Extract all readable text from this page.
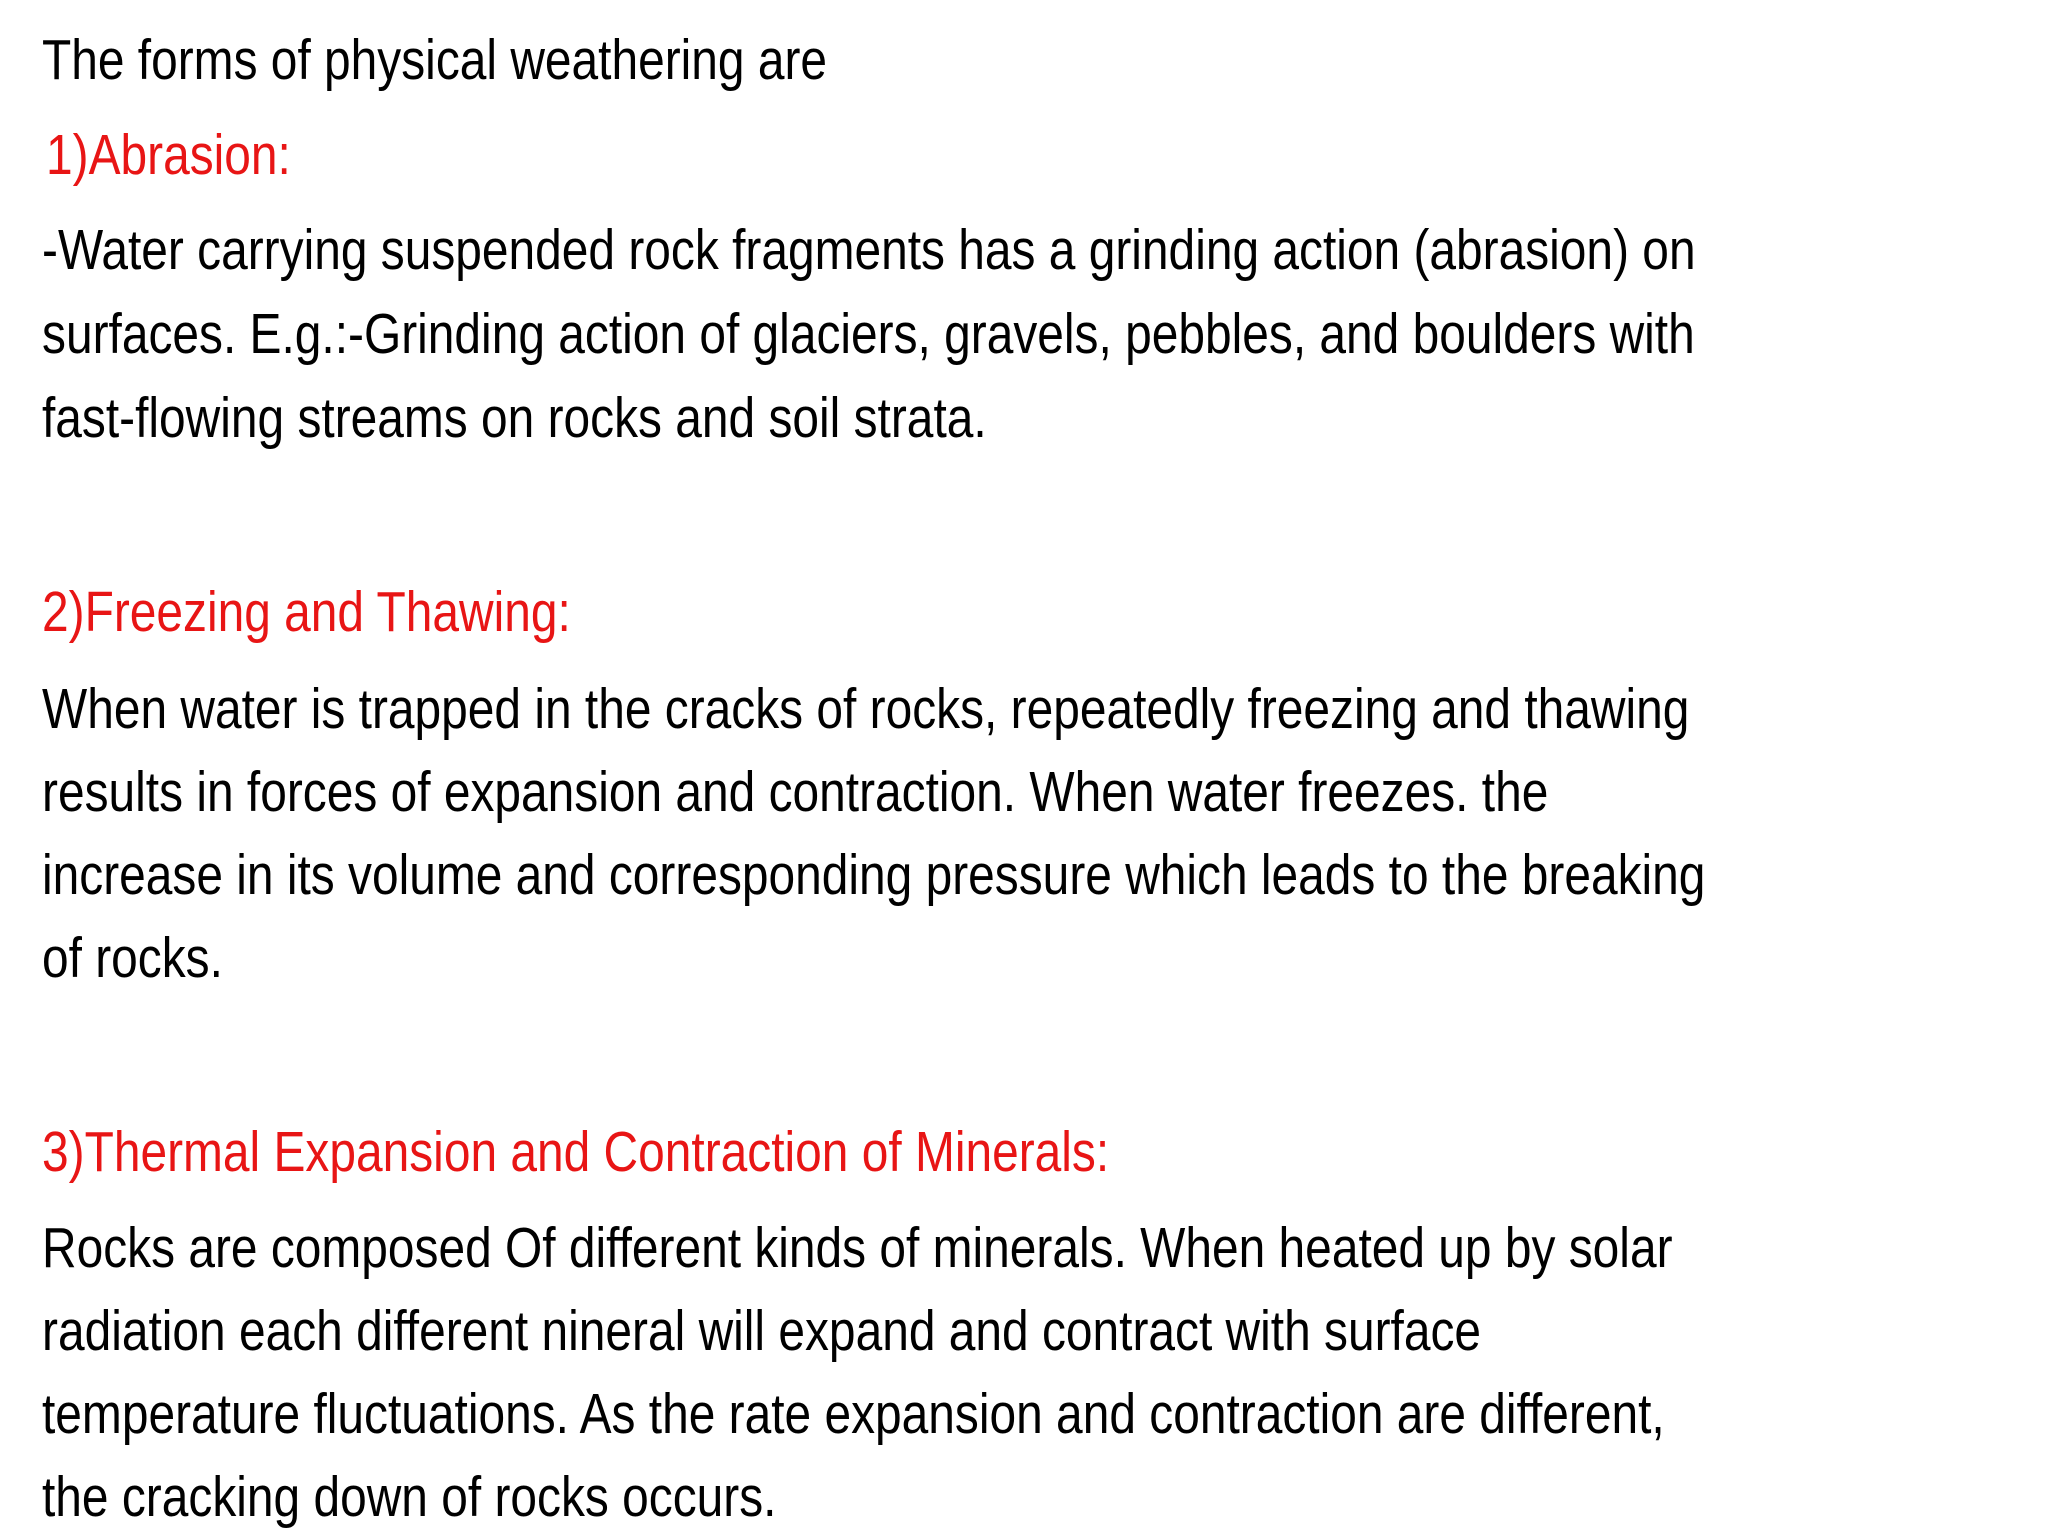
The forms of physical weathering are

1)Abrasion:

-Water carrying suspended rock fragments has a grinding action (abrasion) on

surfaces. E.g.:-Grinding action of glaciers, gravels, pebbles, and boulders with

fast-flowing streams on rocks and soil strata.

2)Freezing and Thawing:

When water is trapped in the cracks of rocks, repeatedly freezing and thawing

results in forces of expansion and contraction. When water freezes. the

increase in its volume and corresponding pressure which leads to the breaking

of rocks.

3)Thermal Expansion and Contraction of Minerals:

Rocks are composed Of different kinds of minerals. When heated up by solar

radiation each different nineral will expand and contract with surface

temperature fluctuations. As the rate expansion and contraction are different,

the cracking down of rocks occurs.
